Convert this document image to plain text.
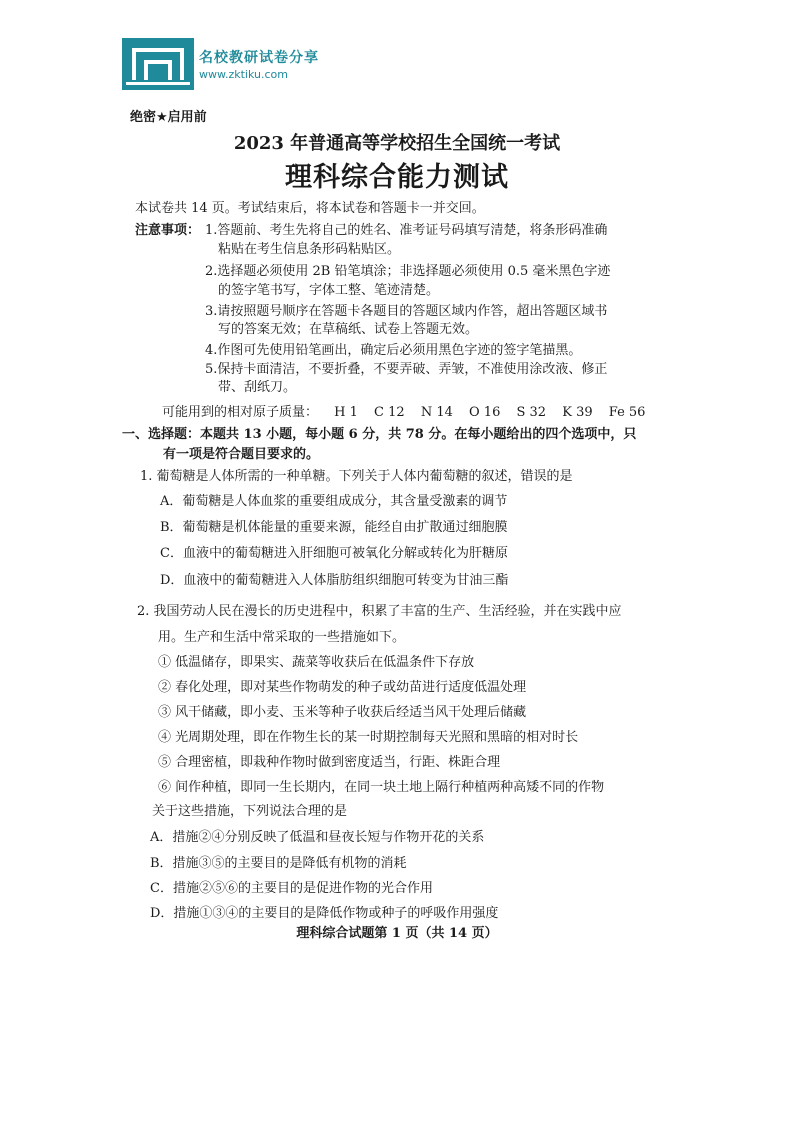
名校教研试卷分享
www.zktiku.com
绝密★启用前
2023 年普通高等学校招生全国统一考试
理科综合能力测试
本试卷共 14 页。考试结束后，将本试卷和答题卡一并交回。
注意事项： 1.答题前、考生先将自己的姓名、准考证号码填写清楚，将条形码准确
粘贴在考生信息条形码粘贴区。
2.选择题必须使用 2B 铅笔填涂；非选择题必须使用 0.5 毫米黑色字迹
的签字笔书写，字体工整、笔迹清楚。
3.请按照题号顺序在答题卡各题目的答题区域内作答，超出答题区域书
写的答案无效；在草稿纸、试卷上答题无效。
4.作图可先使用铅笔画出，确定后必须用黑色字迹的签字笔描黑。
5.保持卡面清洁，不要折叠，不要弄破、弄皱，不准使用涂改液、修正
带、刮纸刀。
可能用到的相对原子质量： H 1 C 12 N 14 O 16 S 32 K 39 Fe 56
一、选择题：本题共 13 小题，每小题 6 分，共 78 分。在每小题给出的四个选项中，只
有一项是符合题目要求的。
1. 葡萄糖是人体所需的一种单糖。下列关于人体内葡萄糖的叙述，错误的是
A．葡萄糖是人体血浆的重要组成成分，其含量受激素的调节
B．葡萄糖是机体能量的重要来源，能经自由扩散通过细胞膜
C．血液中的葡萄糖进入肝细胞可被氧化分解或转化为肝糖原
D．血液中的葡萄糖进入人体脂肪组织细胞可转变为甘油三酯
2. 我国劳动人民在漫长的历史进程中，积累了丰富的生产、生活经验，并在实践中应
用。生产和生活中常采取的一些措施如下。
① 低温储存，即果实、蔬菜等收获后在低温条件下存放
② 春化处理，即对某些作物萌发的种子或幼苗进行适度低温处理
③ 风干储藏，即小麦、玉米等种子收获后经适当风干处理后储藏
④ 光周期处理，即在作物生长的某一时期控制每天光照和黑暗的相对时长
⑤ 合理密植，即栽种作物时做到密度适当，行距、株距合理
⑥ 间作种植，即同一生长期内，在同一块土地上隔行种植两种高矮不同的作物
关于这些措施，下列说法合理的是
A．措施②④分别反映了低温和昼夜长短与作物开花的关系
B．措施③⑤的主要目的是降低有机物的消耗
C．措施②⑤⑥的主要目的是促进作物的光合作用
D．措施①③④的主要目的是降低作物或种子的呼吸作用强度
理科综合试题第 1 页（共 14 页）
